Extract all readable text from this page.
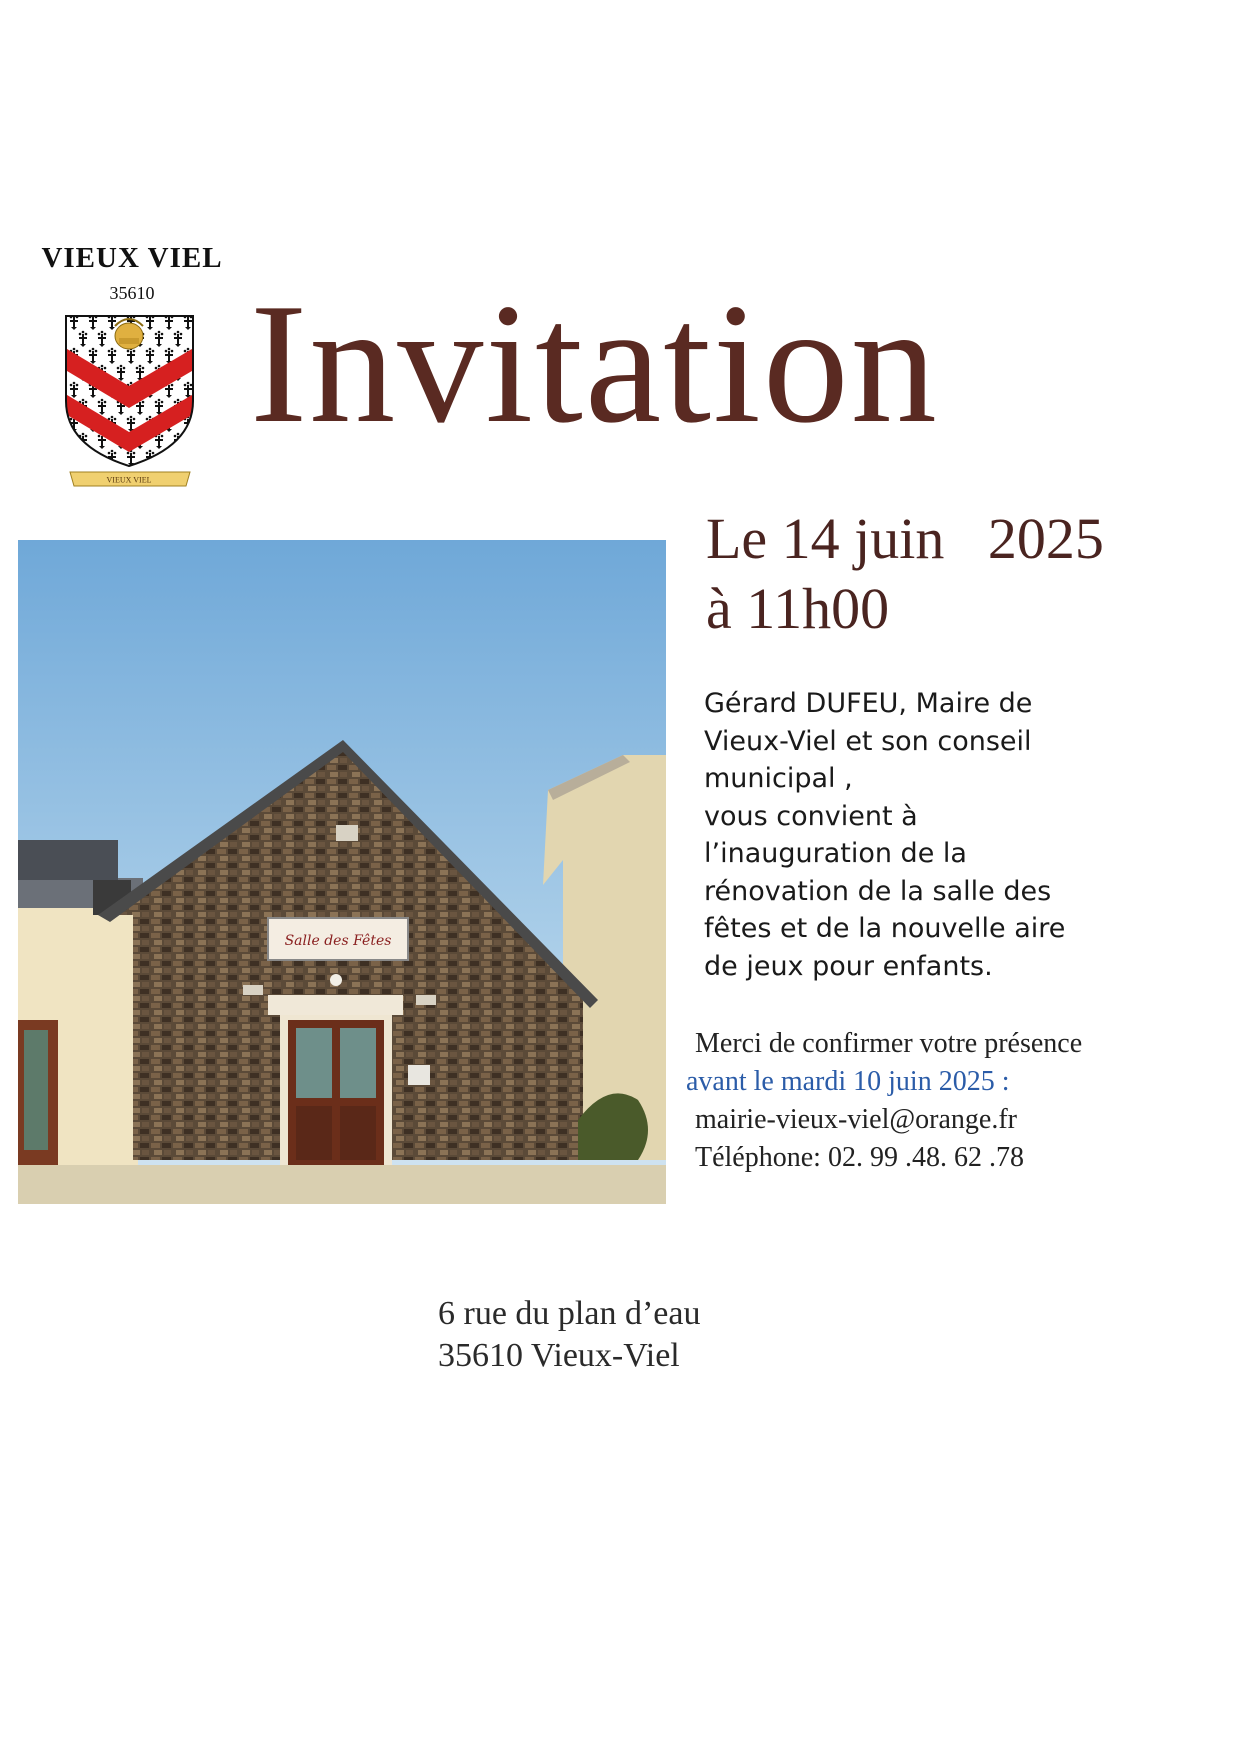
VIEUX VIEL
35610
VIEUX VIEL
Invitation
Le 14 juin   2025
à 11h00
Salle des Fêtes
Gérard DUFEU, Maire de
Vieux-Viel et son conseil
municipal ,
vous convient à
l’inauguration de la
rénovation de la salle des
fêtes et de la nouvelle aire
de jeux pour enfants.
Merci de confirmer votre présence
avant le mardi 10 juin 2025 :
mairie-vieux-viel@orange.fr
Téléphone: 02. 99 .48. 62 .78
6 rue du plan d’eau
35610 Vieux-Viel
